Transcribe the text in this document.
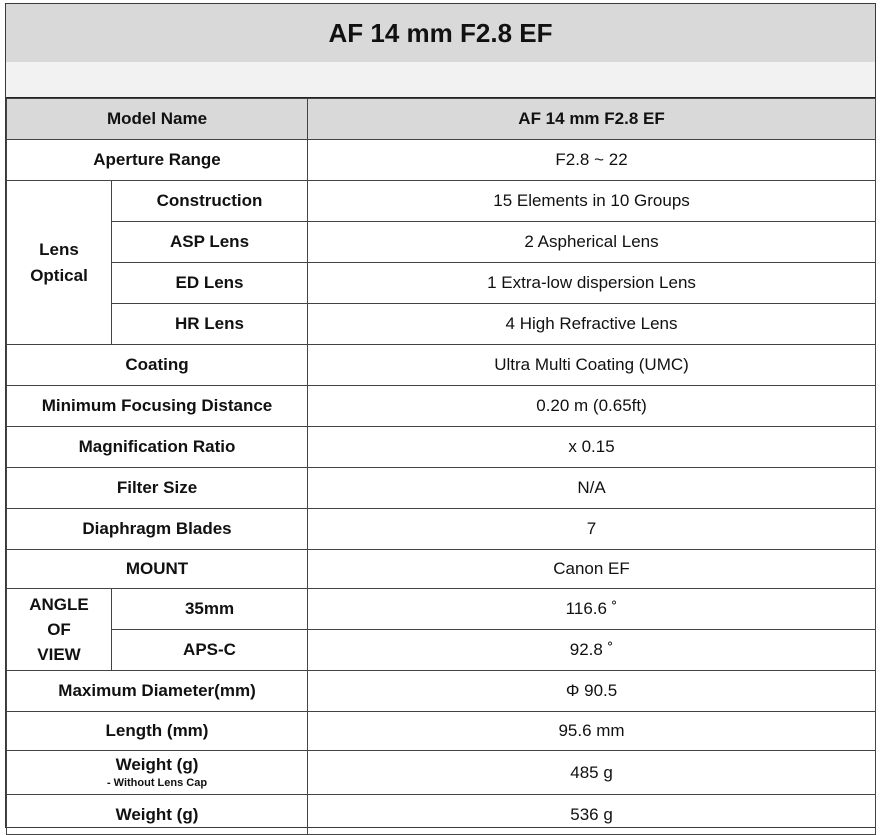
AF 14 mm F2.8 EF
Model Name		AF 14 mm F2.8 EF
Aperture Range		F2.8 ~ 22

Lens
Optical	Construction	15 Elements in 10 Groups
	ASP Lens	2 Aspherical Lens
	ED Lens	1 Extra-low dispersion Lens
	HR Lens	4 High Refractive Lens
Coating		Ultra Multi Coating (UMC)
Minimum Focusing Distance		0.20 m (0.65ft)
Magnification Ratio		x 0.15
Filter Size		N/A
Diaphragm Blades		7
MOUNT		Canon EF

ANGLE
OF
VIEW	35mm	116.6 ˚
	APS-C	92.8 ˚
Maximum Diameter(mm)		Φ 90.5
Length (mm)		95.6 mm

Weight (g)
- Without Lens Cap		485 g
Weight (g)		536 g
